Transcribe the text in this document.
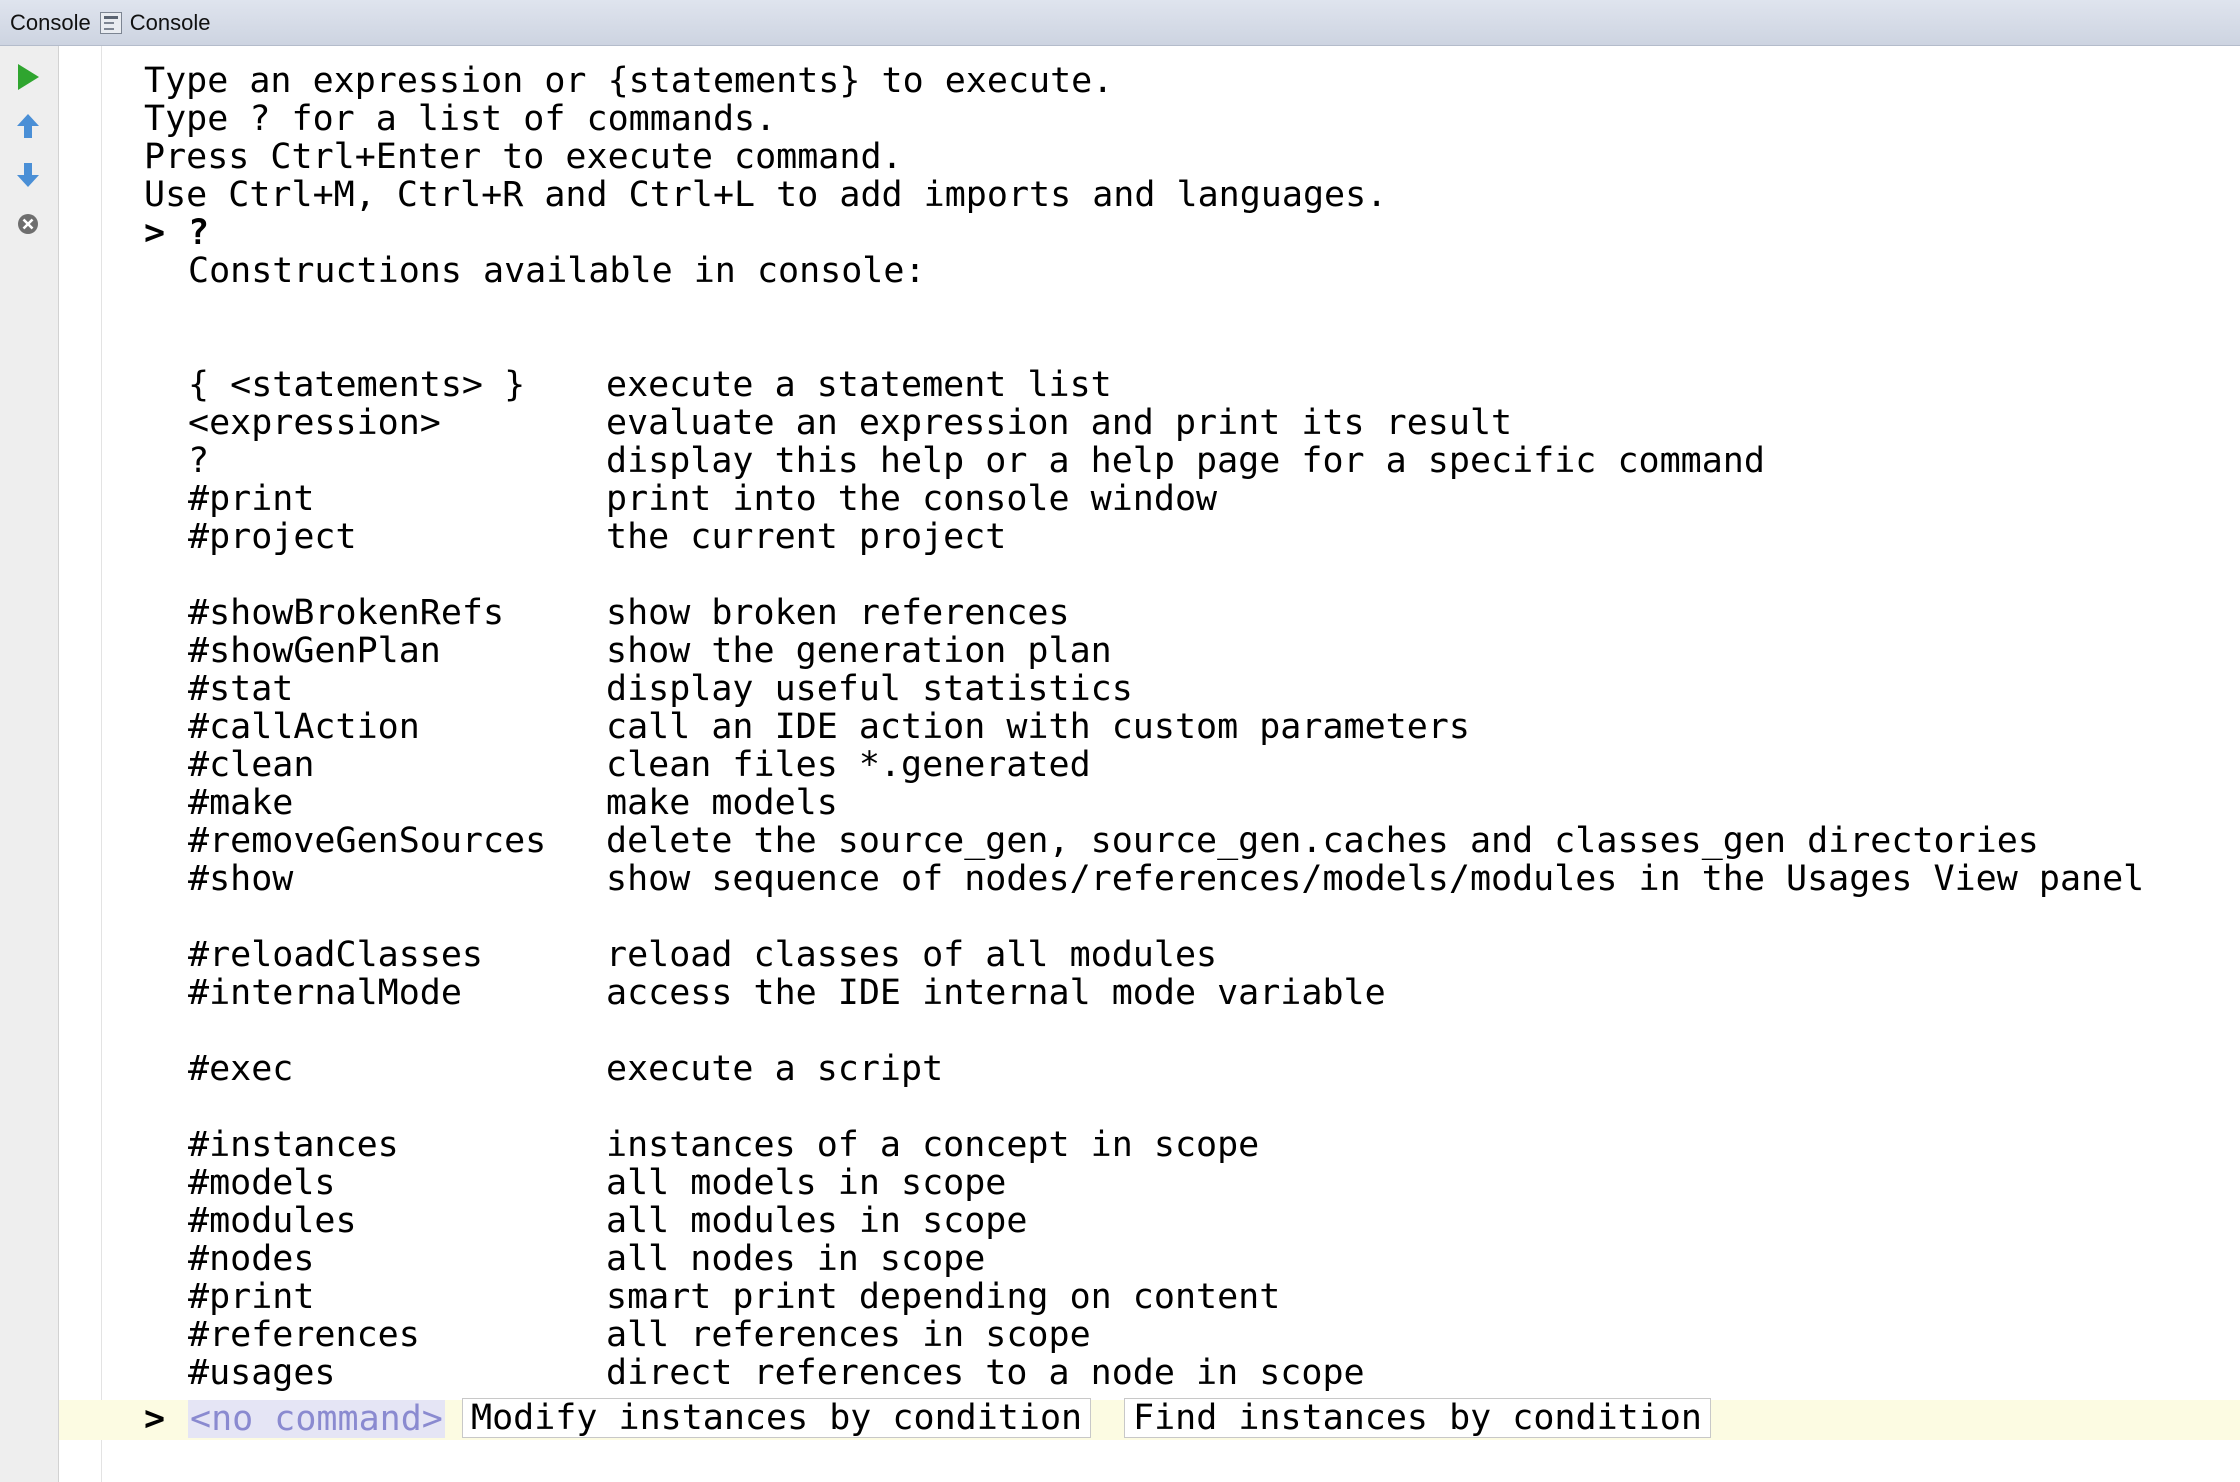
Console Console
Type an expression or {statements} to execute.
Type ? for a list of commands.
Press Ctrl+Enter to execute command.
Use Ctrl+M, Ctrl+R and Ctrl+L to add imports and languages.
> ?
Constructions available in console:
{ <statements> } execute a statement list
<expression>	evaluate an expression and print its result
?	display this help or a help page for a specific command
#print	print into the console window
#project	the current project
#showBrokenRefs	show broken references
#showGenPlan	show the generation plan
#stat	display useful statistics
#callAction	call an IDE action with custom parameters
#clean	clean files *.generated
#make	make models
#removeGenSources delete the source_gen, source_gen.caches and classes_gen directories
#show	show sequence of nodes/references/models/modules in the Usages View panel
#reloadClasses	reload classes of all modules
#internalMode	access the IDE internal mode variable
#exec	execute a script
#instances	instances of a concept in scope
#models	all models in scope
#modules	all modules in scope
#nodes	all nodes in scope
#print	smart print depending on content
#references	all references in scope
#usages	direct references to a node in scope
> <no command> Modify instances by condition Find instances by condition
